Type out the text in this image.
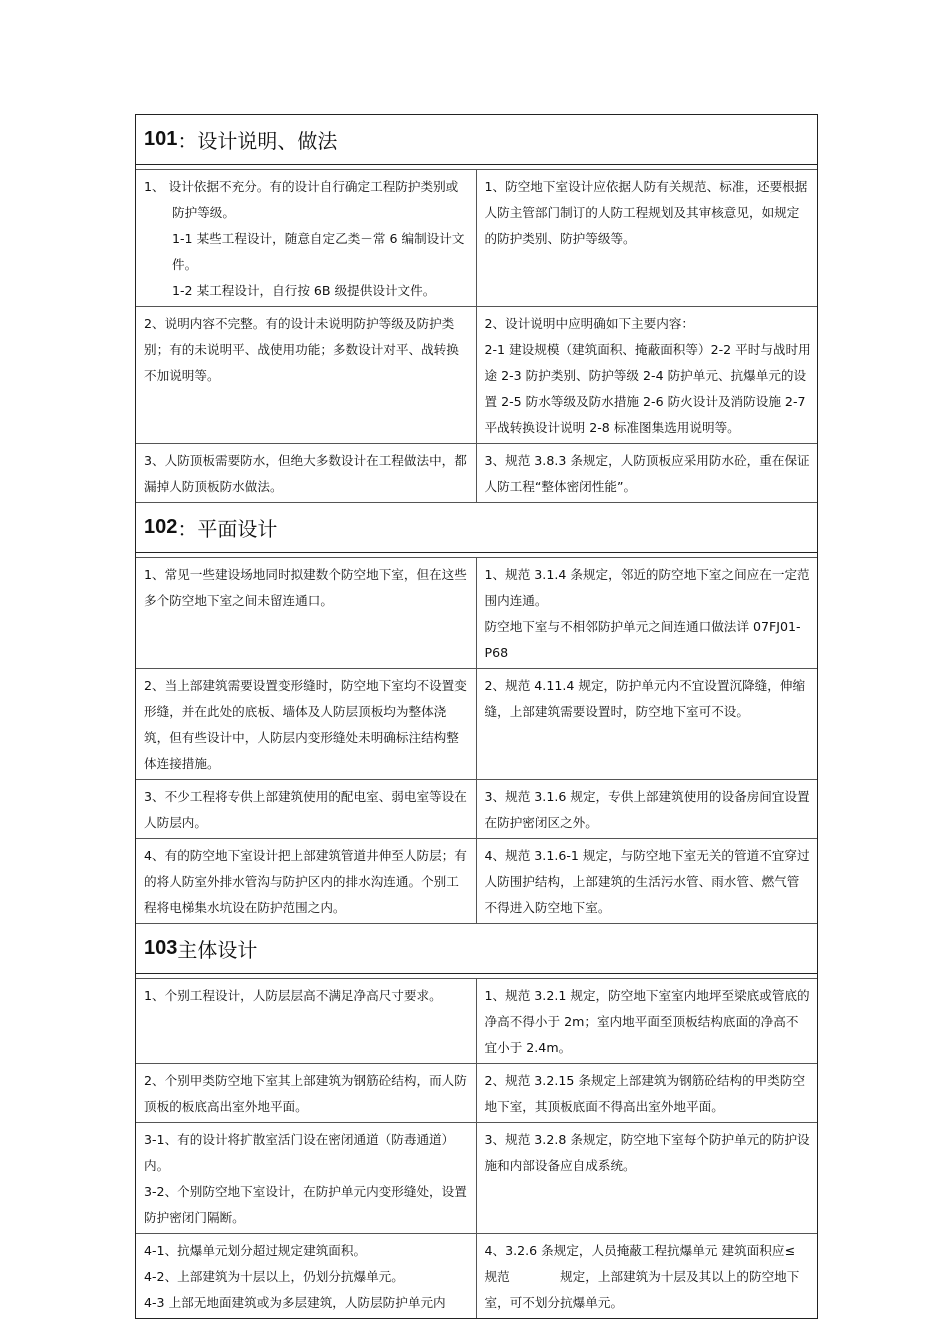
101 ：设计说明、做法

1、 设计依据不充分。有的设计自行确定工程防护类别或防护等级。

1-1 某些工程设计，随意自定乙类－常 6 编制设计文件。

1-2 某工程设计，自行按 6B 级提供设计文件。

1、防空地下室设计应依据人防有关规范、标准，还要根据人防主管部门制订的人防工程规划及其审核意见，如规定的防护类别、防护等级等。

2、说明内容不完整。有的设计未说明防护等级及防护类别；有的未说明平、战使用功能；多数设计对平、战转换不加说明等。

2、设计说明中应明确如下主要内容：

2-1 建设规模（建筑面积、掩蔽面积等）2-2 平时与战时用途 2-3 防护类别、防护等级 2-4 防护单元、抗爆单元的设置 2-5 防水等级及防水措施 2-6 防火设计及消防设施 2-7 平战转换设计说明 2-8 标准图集选用说明等。

3、人防顶板需要防水，但绝大多数设计在工程做法中，都漏掉人防顶板防水做法。

3、规范 3.8.3 条规定，人防顶板应采用防水砼，重在保证人防工程“整体密闭性能”。

102 ：平面设计

1、常见一些建设场地同时拟建数个防空地下室，但在这些多个防空地下室之间未留连通口。

1、规范 3.1.4 条规定，邻近的防空地下室之间应在一定范围内连通。

防空地下室与不相邻防护单元之间连通口做法详 07FJ01-P68

2、当上部建筑需要设置变形缝时，防空地下室均不设置变形缝，并在此处的底板、墙体及人防层顶板均为整体浇筑，但有些设计中，人防层内变形缝处未明确标注结构整体连接措施。

2、规范 4.11.4 规定，防护单元内不宜设置沉降缝，伸缩缝，上部建筑需要设置时，防空地下室可不设。

3、不少工程将专供上部建筑使用的配电室、弱电室等设在人防层内。

3、规范 3.1.6 规定，专供上部建筑使用的设备房间宜设置在防护密闭区之外。

4、有的防空地下室设计把上部建筑管道井伸至人防层；有的将人防室外排水管沟与防护区内的排水沟连通。个别工程将电梯集水坑设在防护范围之内。

4、规范 3.1.6-1 规定，与防空地下室无关的管道不宜穿过人防围护结构，上部建筑的生活污水管、雨水管、燃气管不得进入防空地下室。

103 主体设计

1、个别工程设计，人防层层高不满足净高尺寸要求。	1、规范 3.2.1 规定，防空地下室室内地坪至梁底或管底的净高不得小于 2m；室内地平面至顶板结构底面的净高不宜小于 2.4m。

2、个别甲类防空地下室其上部建筑为钢筋砼结构，而人防顶板的板底高出室外地平面。

2、规范 3.2.15 条规定上部建筑为钢筋砼结构的甲类防空地下室，其顶板底面不得高出室外地平面。

3-1、有的设计将扩散室活门设在密闭通道（防毒通道）内。

3-2、个别防空地下室设计，在防护单元内变形缝处，设置防护密闭门隔断。

3、规范 3.2.8 条规定，防空地下室每个防护单元的防护设施和内部设备应自成系统。

4-1、抗爆单元划分超过规定建筑面积。

4-2、上部建筑为十层以上，仍划分抗爆单元。

4-3 上部无地面建筑或为多层建筑，人防层防护单元内

4、3.2.6 条规定，人员掩蔽工程抗爆单元 建筑面积应≤　　　规范　　　　规定，上部建筑为十层及其以上的防空地下室，可不划分抗爆单元。
